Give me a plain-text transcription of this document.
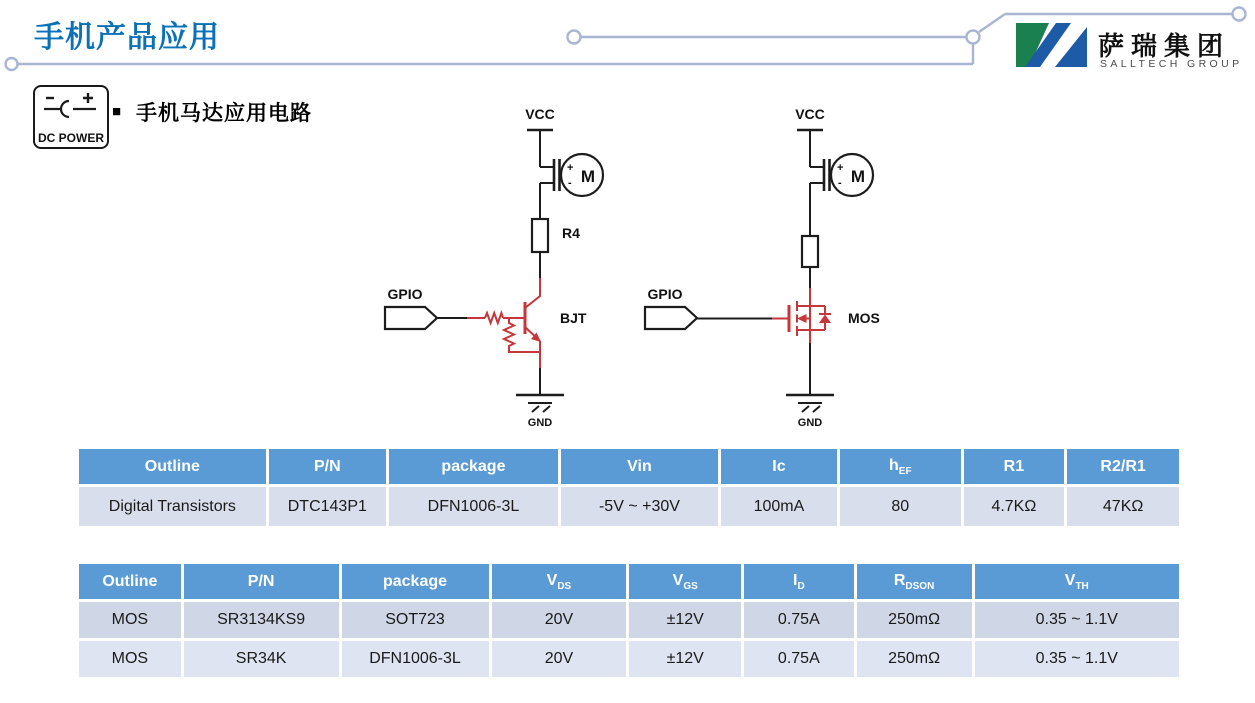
手机产品应用	萨瑞集团
SALLTECH GROUP
DC POWER
■ 手机马达应用电路	VCC
+
- M
R4
GPIO
BJT
GND
VCC
+
- M
GPIO
MOS
GND
Outline	P/N	package	Vin	Ic	$h_{EF}$	R1	R2/R1
Digital Transistors	DTC143P1	DFN1006-3L	-5V ~ +30V	100mA	80	4.7KΩ	47KΩ
Outline	P/N	package	$V_{DS}$	$V_{GS}$	$I_D$	$R_{DSON}$	$V_{TH}$
MOS	SR3134KS9	SOT723	20V	±12V	0.75A	250mΩ	0.35 ~ 1.1V
MOS	SR34K	DFN1006-3L	20V	±12V	0.75A	250mΩ	0.35 ~ 1.1V
